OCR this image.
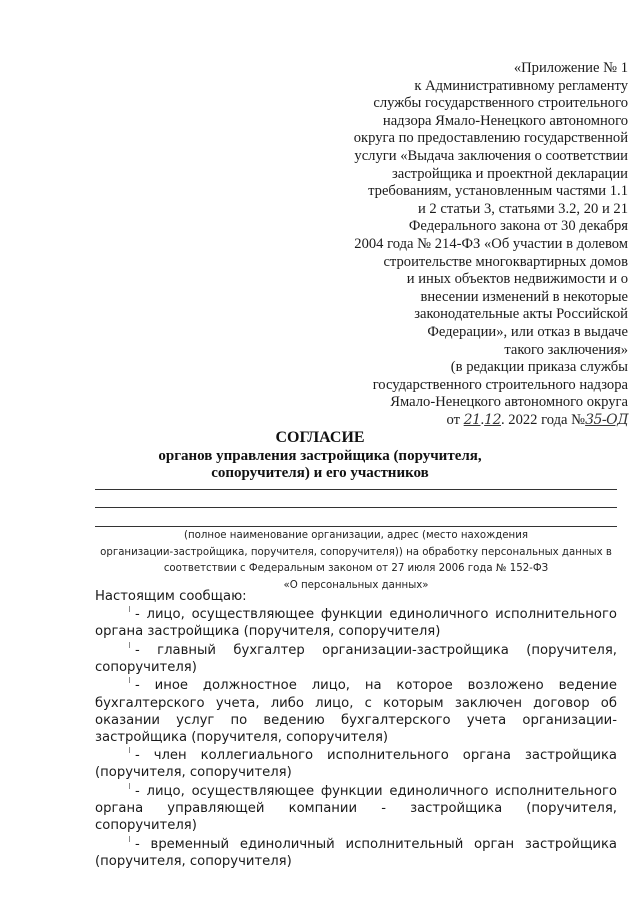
«Приложение № 1
к Административному регламенту
службы государственного строительного
надзора Ямало-Ненецкого автономного
округа по предоставлению государственной
услуги «Выдача заключения о соответствии
застройщика и проектной декларации
требованиям, установленным частями 1.1
и 2 статьи 3, статьями 3.2, 20 и 21
Федерального закона от 30 декабря
2004 года № 214-ФЗ «Об участии в долевом
строительстве многоквартирных домов
и иных объектов недвижимости и о
внесении изменений в некоторые
законодательные акты Российской
Федерации», или отказ в выдаче
такого заключения»
(в редакции приказа службы
государственного строительного надзора
Ямало-Ненецкого автономного округа
от 21.12. 2022 года №35-ОД
СОГЛАСИЕ
органов управления застройщика (поручителя,
сопоручителя) и его участников
(полное наименование организации, адрес (место нахождения
организации-застройщика, поручителя, сопоручителя)) на обработку персональных данных в
соответствии с Федеральным законом от 27 июля 2006 года № 152-ФЗ
«О персональных данных»
Настоящим сообщаю:
- лицо, осуществляющее функции единоличного исполнительного органа застройщика (поручителя, сопоручителя)
- главный бухгалтер организации-застройщика (поручителя, сопоручителя)
- иное должностное лицо, на которое возложено ведение бухгалтерского учета, либо лицо, с которым заключен договор об оказании услуг по ведению бухгалтерского учета организации-застройщика (поручителя, сопоручителя)
- член коллегиального исполнительного органа застройщика (поручителя, сопоручителя)
- лицо, осуществляющее функции единоличного исполнительного органа управляющей компании - застройщика (поручителя, сопоручителя)
- временный единоличный исполнительный орган застройщика (поручителя, сопоручителя)
